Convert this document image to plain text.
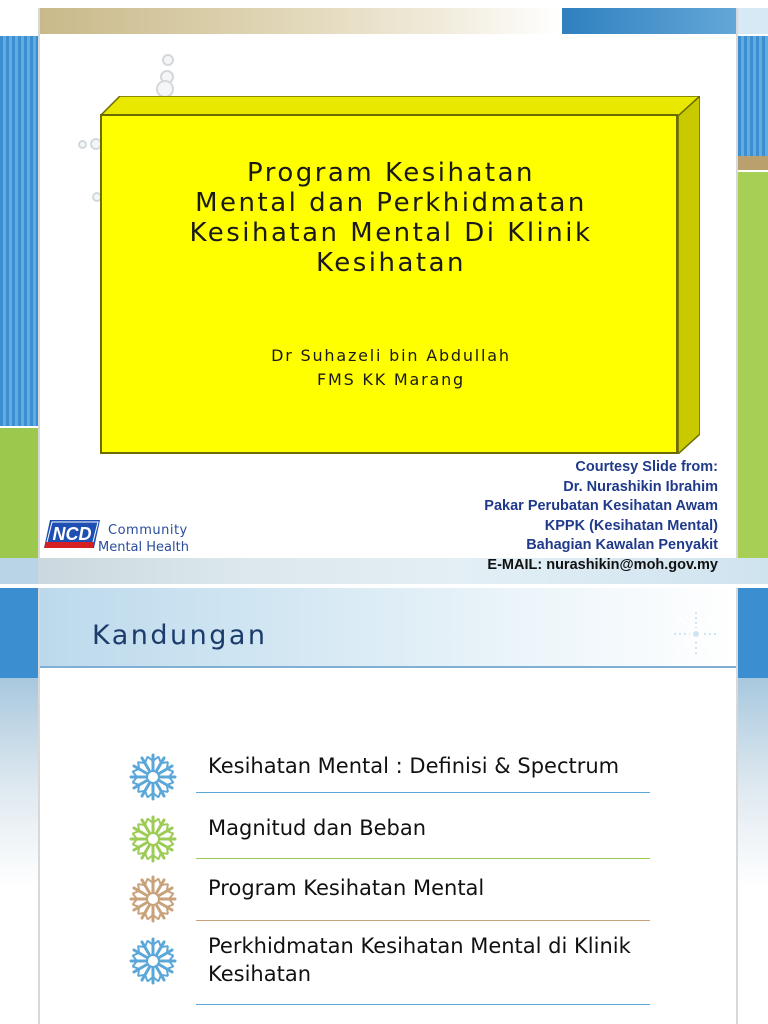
Program Kesihatan
Mental dan Perkhidmatan
Kesihatan Mental Di Klinik
Kesihatan
Dr Suhazeli bin Abdullah
FMS KK Marang
Courtesy Slide from:
Dr. Nurashikin Ibrahim
Pakar Perubatan Kesihatan Awam
KPPK (Kesihatan Mental)
Bahagian Kawalan Penyakit
E-MAIL: nurashikin@moh.gov.my
NCD	Community
Mental Health
Kandungan
Kesihatan Mental : Definisi & Spectrum
Magnitud dan Beban
Program Kesihatan Mental
Perkhidmatan Kesihatan Mental di Klinik
Kesihatan
